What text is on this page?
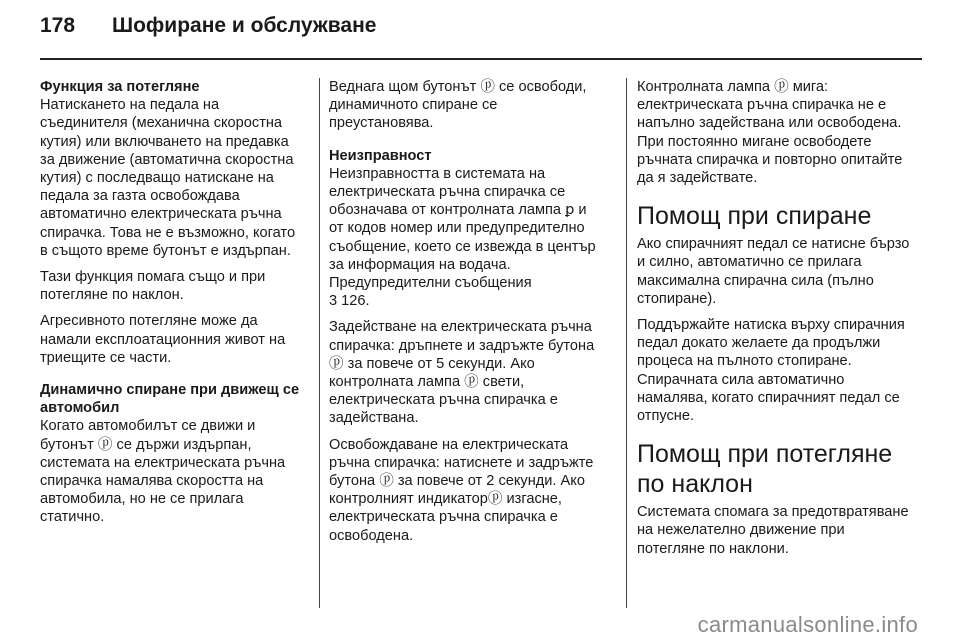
178 Шофиране и обслужване

Функция за потегляне

Натискането на педала на съединителя (механична скоростна кутия) или включването на предавка за движение (автоматична скоростна кутия) с последващо натискане на педала за газта освобождава автоматично електрическата ръчна спирачка. Това не е възможно, когато в същото време бутонът е издърпан.

Тази функция помага също и при потегляне по наклон.

Агресивното потегляне може да намали експлоатационния живот на триещите се части.

Динамично спиране при движещ се автомобил

Когато автомобилът се движи и бутонът ⓟ се държи издърпан, системата на електрическата ръчна спирачка намалява скоростта на автомобила, но не се прилага статично.

Веднага щом бутонът ⓟ се освободи, динамичното спиране се преустановява.

Неизправност

Неизправността в системата на електрическата ръчна спирачка се обозначава от контролната лампа ꝑ и от кодов номер или предупредително съобщение, което се извежда в център за информация на водача. Предупредителни съобщения
3 126.

Задействане на електрическата ръчна спирачка: дръпнете и задръжте бутона ⓟ за повече от 5 секунди. Ако контролната лампа ⓟ свети, електрическата ръчна спирачка е задействана.

Освобождаване на електрическата ръчна спирачка: натиснете и задръжте бутона ⓟ за повече от 2 секунди. Ако контролният индикаторⓟ изгасне, електрическата ръчна спирачка е освободена.

Контролната лампа ⓟ мига: електрическата ръчна спирачка не е напълно задействана или освободена. При постоянно мигане освободете ръчната спирачка и повторно опитайте да я задействате.

Помощ при спиране

Ако спирачният педал се натисне бързо и силно, автоматично се прилага максимална спирачна сила (пълно стопиране).

Поддържайте натиска върху спирачния педал докато желаете да продължи процеса на пълното стопиране. Спирачната сила автоматично намалява, когато спирачният педал се отпусне.

Помощ при потегляне по наклон

Системата спомага за предотвратяване на нежелателно движение при потегляне по наклони.

carmanualsonline.info
